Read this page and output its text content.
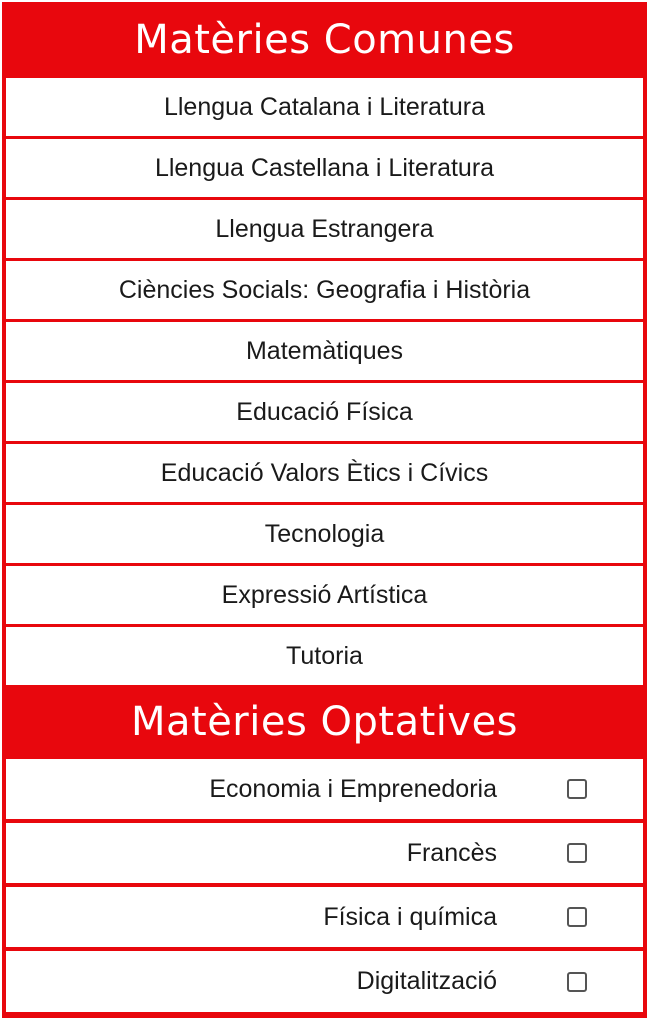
Matèries Comunes
Llengua Catalana i Literatura
Llengua Castellana i Literatura
Llengua Estrangera
Ciències Socials: Geografia i Història
Matemàtiques
Educació Física
Educació Valors Ètics i Cívics
Tecnologia
Expressió Artística
Tutoria
Matèries Optatives
Economia i Emprenedoria
Francès
Física i química
Digitalització
